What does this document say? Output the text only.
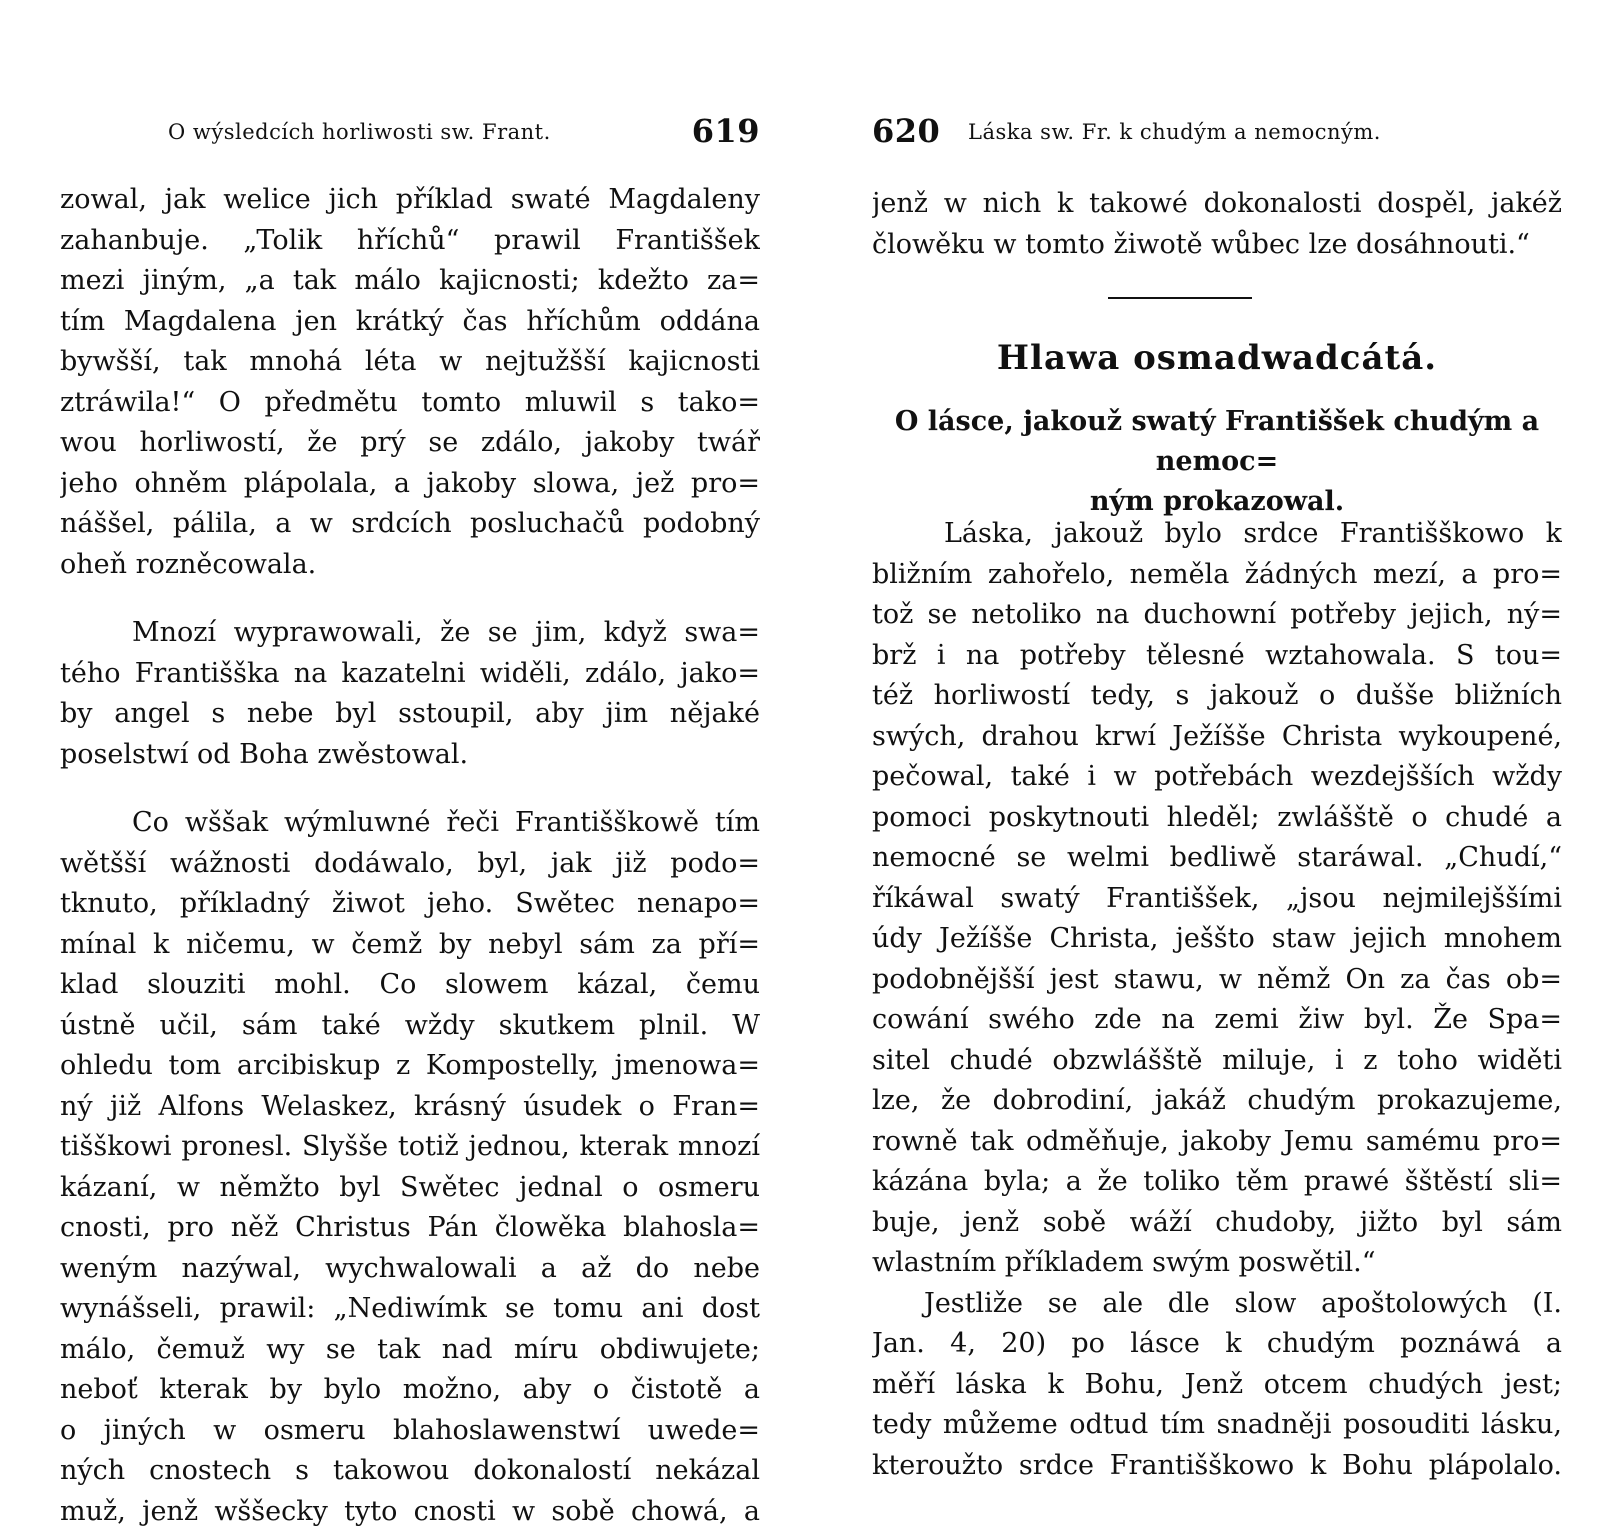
O wýsledcích horliwosti sw. Frant.	619
zowal, jak welice jich příklad swaté Magdaleny
zahanbuje. „Tolik hříchů“ prawil Františšek
mezi jiným, „a tak málo kajicnosti; kdežto za=
tím Magdalena jen krátký čas hříchům oddána
bywšší, tak mnohá léta w nejtužšší kajicnosti
ztráwila!“ O předmětu tomto mluwil s tako=
wou horliwostí, že prý se zdálo, jakoby twář
jeho ohněm plápolala, a jakoby slowa, jež pro=
náššel, pálila, a w srdcích posluchačů podobný
oheň rozněcowala.
Mnozí wyprawowali, že se jim, když swa=
tého Františška na kazatelni widěli, zdálo, jako=
by angel s nebe byl sstoupil, aby jim nějaké
poselstwí od Boha zwěstowal.
Co wššak wýmluwné řeči Františškowě tím
wětšší wážnosti dodáwalo, byl, jak již podo=
tknuto, příkladný žiwot jeho. Swětec nenapo=
mínal k ničemu, w čemž by nebyl sám za pří=
klad slouziti mohl. Co slowem kázal, čemu
ústně učil, sám také wždy skutkem plnil. W
ohledu tom arcibiskup z Kompostelly, jmenowa=
ný již Alfons Welaskez, krásný úsudek o Fran=
tišškowi pronesl. Slyšše totiž jednou, kterak mnozí
kázaní, w němžto byl Swětec jednal o osmeru
cnosti, pro něž Christus Pán člowěka blahosla=
weným nazýwal, wychwalowali a až do nebe
wynášseli, prawil: „Nediwímk se tomu ani dost
málo, čemuž wy se tak nad míru obdiwujete;
neboť kterak by bylo možno, aby o čistotě a
o jiných w osmeru blahoslawenstwí uwede=
ných cnostech s takowou dokonalostí nekázal
muž, jenž wššecky tyto cnosti w sobě chowá, a
620 Láska sw. Fr. k chudým a nemocným.
jenž w nich k takowé dokonalosti dospěl, jakéž
člowěku w tomto žiwotě wůbec lze dosáhnouti.“
Hlawa osmadwadcátá.
O lásce, jakouž swatý Františšek chudým a nemoc=
ným prokazowal.
Láska, jakouž bylo srdce Františškowo k
bližním zahořelo, neměla žádných mezí, a pro=
tož se netoliko na duchowní potřeby jejich, ný=
brž i na potřeby tělesné wztahowala. S tou=
též horliwostí tedy, s jakouž o dušše bližních
swých, drahou krwí Ježíšše Christa wykoupené,
pečowal, také i w potřebách wezdejšších wždy
pomoci poskytnouti hleděl; zwlášště o chudé a
nemocné se welmi bedliwě staráwal. „Chudí,“
říkáwal swatý Františšek, „jsou nejmilejššími
údy Ježíšše Christa, ješšto staw jejich mnohem
podobnějšší jest stawu, w němž On za čas ob=
cowání swého zde na zemi žiw byl. Že Spa=
sitel chudé obzwlášště miluje, i z toho widěti
lze, že dobrodiní, jakáž chudým prokazujeme,
rowně tak odměňuje, jakoby Jemu samému pro=
kázána byla; a že toliko těm prawé šštěstí sli=
buje, jenž sobě wáží chudoby, jižto byl sám
wlastním příkladem swým poswětil.“
Jestliže se ale dle slow apoštolowých (I.
Jan. 4, 20) po lásce k chudým poznáwá a
měří láska k Bohu, Jenž otcem chudých jest;
tedy můžeme odtud tím snadněji posouditi lásku,
kteroužto srdce Františškowo k Bohu plápolalo.
